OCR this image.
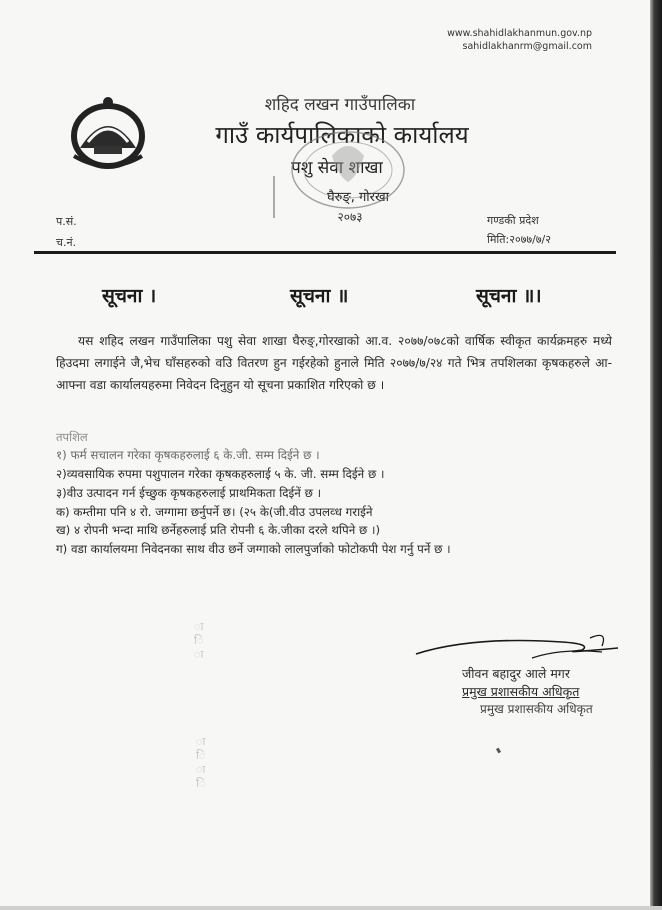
www.shahidlakhanmun.gov.np
sahidlakhanrm@gmail.com
शहिद लखन गाउँपालिका
गाउँ कार्यपालिकाको कार्यालय
पशु सेवा शाखा
घैरुङ्, गोरखा
२०७३
प.सं.
च.नं.
गण्डकी प्रदेश
मिति:२०७७/७/२
सूचना ।	सूचना ॥	सूचना ॥।
यस शहिद लखन गाउँपालिका पशु सेवा शाखा घैरुङ्,गोरखाको आ.व. २०७७/०७८को वार्षिक स्वीकृत कार्यक्रमहरु मध्ये हिउदमा लगाईने जै,भेच घाँसहरुको वउि वितरण हुन गईरहेको हुनाले मिति २०७७/७/२४ गते भित्र तपशिलका कृषकहरुले आ-आफ्ना वडा कार्यालयहरुमा निवेदन दिनुहुन यो सूचना प्रकाशित गरिएको छ ।
तपशिल
१) फर्म सचालन गरेका कृषकहरुलाई ६ के.जी. सम्म दिईने छ ।
२)व्यवसायिक रुपमा पशुपालन गरेका कृषकहरुलाई ५ के. जी. सम्म दिईने छ ।
३)वीउ उत्पादन गर्न ईच्छुक कृषकहरुलाई प्राथमिकता दिईनें छ ।
क) कम्तीमा पनि ४ रो. जग्गामा छर्नुपर्ने छ। (२५ के(जी.वीउ उपलव्ध गराईने
ख) ४ रोपनी भन्दा माथि छर्नेहरुलाई प्रति रोपनी ६ के.जीका दरले थपिने छ ।)
ग) वडा कार्यालयमा निवेदनका साथ वीउ छर्ने जग्गाको लालपुर्जाको फोटोकपी पेश गर्नु पर्ने छ ।
ा
ि
ा
ा
ि
ा
ि
जीवन बहादुर आले मगर
प्रमुख प्रशासकीय अधिकृत
प्रमुख प्रशासकीय अधिकृत
